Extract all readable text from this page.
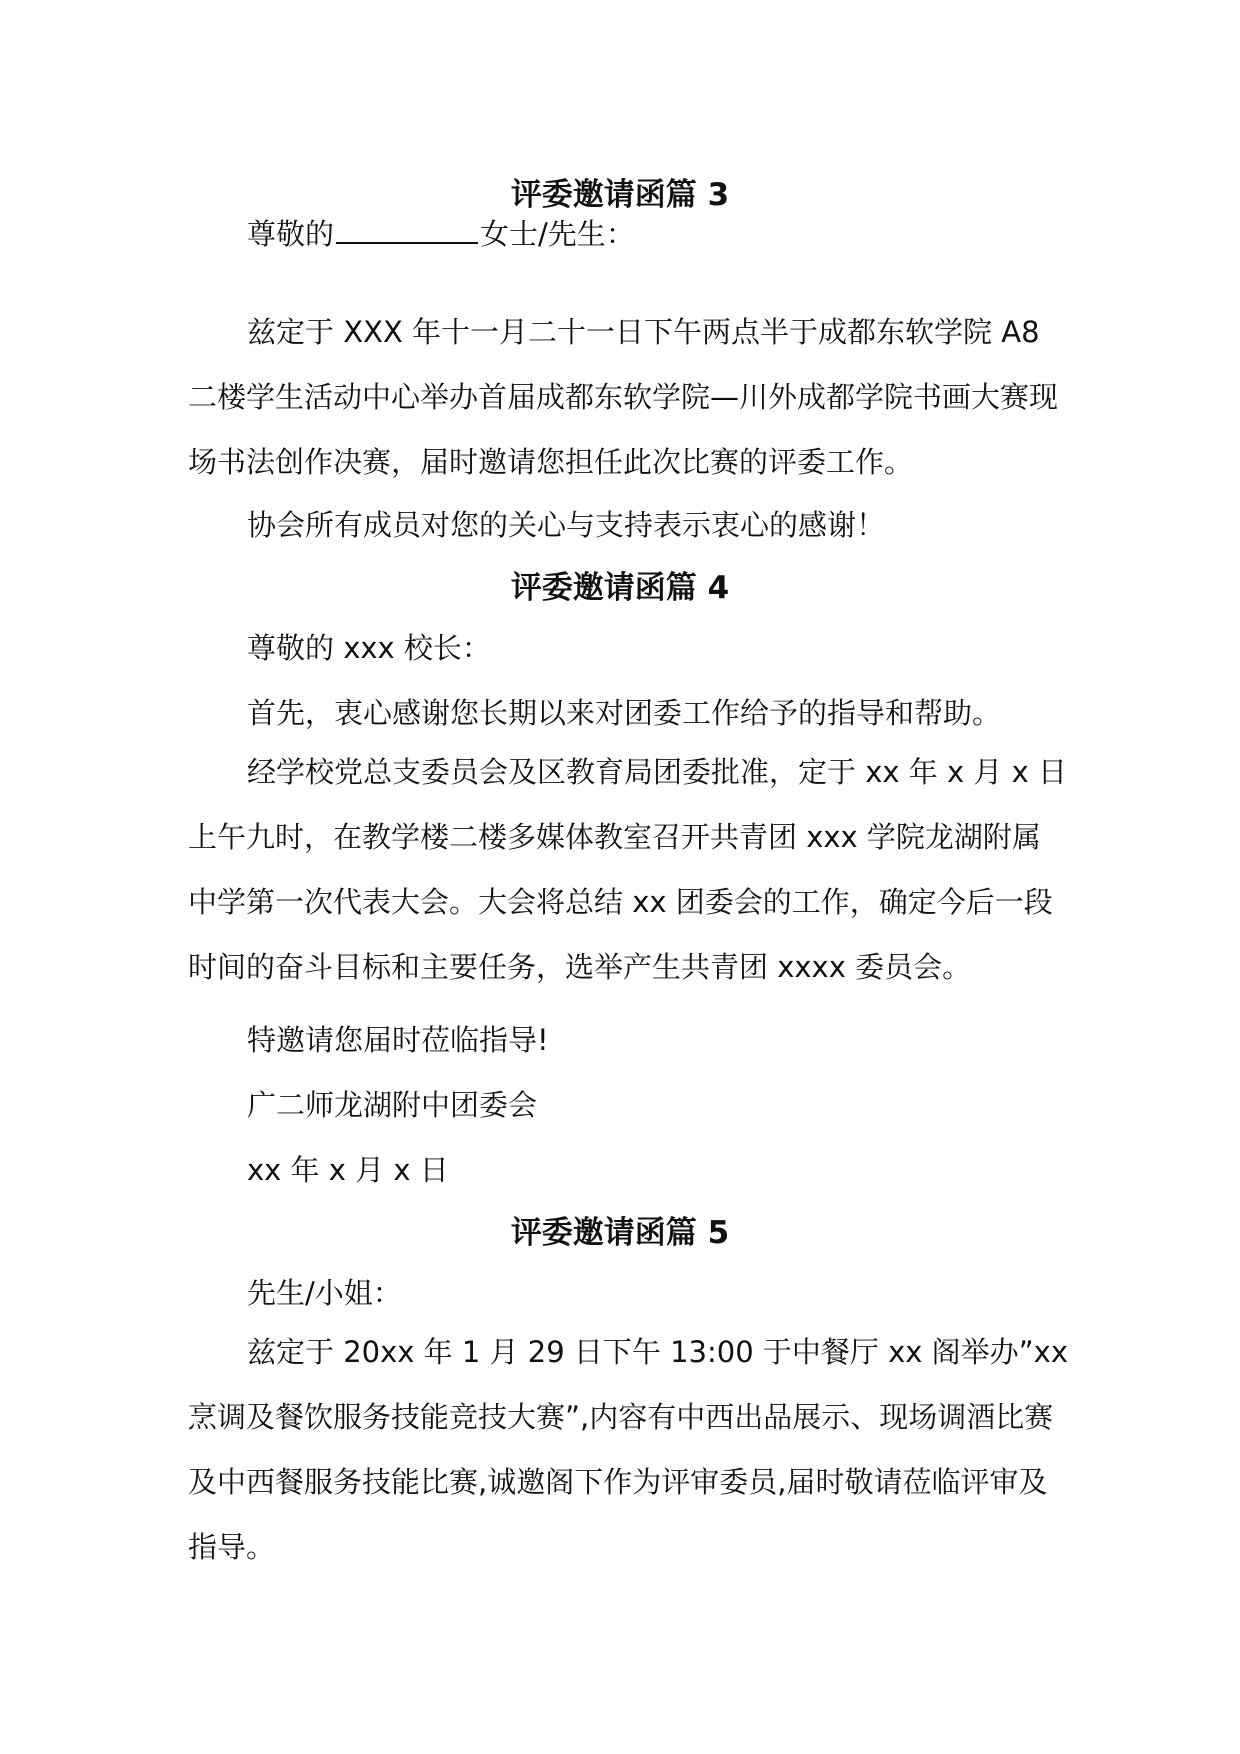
评委邀请函篇 3
尊敬的	女士/先生：

兹定于 XXX 年十一月二十一日下午两点半于成都东软学院 A8 二楼学生活动中心举办首届成都东软学院—川外成都学院书画大赛现场书法创作决赛，届时邀请您担任此次比赛的评委工作。

协会所有成员对您的关心与支持表示衷心的感谢！
评委邀请函篇 4
尊敬的 xxx 校长：
首先，衷心感谢您长期以来对团委工作给予的指导和帮助。

经学校党总支委员会及区教育局团委批准，定于 xx 年 x 月 x 日上午九时，在教学楼二楼多媒体教室召开共青团 xxx 学院龙湖附属中学第一次代表大会。大会将总结 xx 团委会的工作，确定今后一段时间的奋斗目标和主要任务，选举产生共青团 xxxx 委员会。

特邀请您届时莅临指导!
广二师龙湖附中团委会
xx 年 x 月 x 日
评委邀请函篇 5
先生/小姐：

兹定于 20xx 年 1 月 29 日下午 13:00 于中餐厅 xx 阁举办”xx 烹调及餐饮服务技能竞技大赛”,内容有中西出品展示、现场调酒比赛及中西餐服务技能比赛,诚邀阁下作为评审委员,届时敬请莅临评审及指导。
